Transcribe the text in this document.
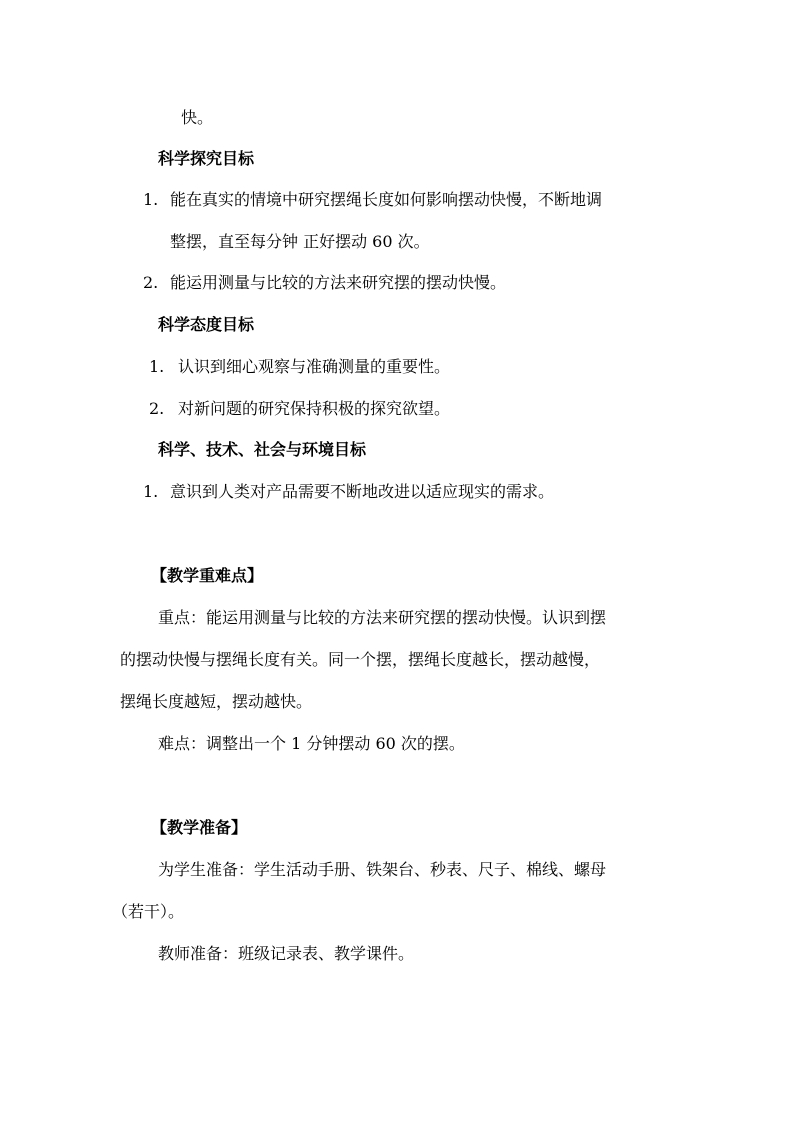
快。
科学探究目标
1. 能在真实的情境中研究摆绳长度如何影响摆动快慢，不断地调
整摆，直至每分钟 正好摆动 60 次。
2. 能运用测量与比较的方法来研究摆的摆动快慢。
科学态度目标
1. 认识到细心观察与准确测量的重要性。
2. 对新问题的研究保持积极的探究欲望。
科学、技术、社会与环境目标
1. 意识到人类对产品需要不断地改进以适应现实的需求。
【教学重难点】
重点：能运用测量与比较的方法来研究摆的摆动快慢。认识到摆
的摆动快慢与摆绳长度有关。同一个摆，摆绳长度越长，摆动越慢，
摆绳长度越短，摆动越快。
难点：调整出一个 1 分钟摆动 60 次的摆。
【教学准备】
为学生准备：学生活动手册、铁架台、秒表、尺子、棉线、螺母
（若干）。
教师准备：班级记录表、教学课件。
